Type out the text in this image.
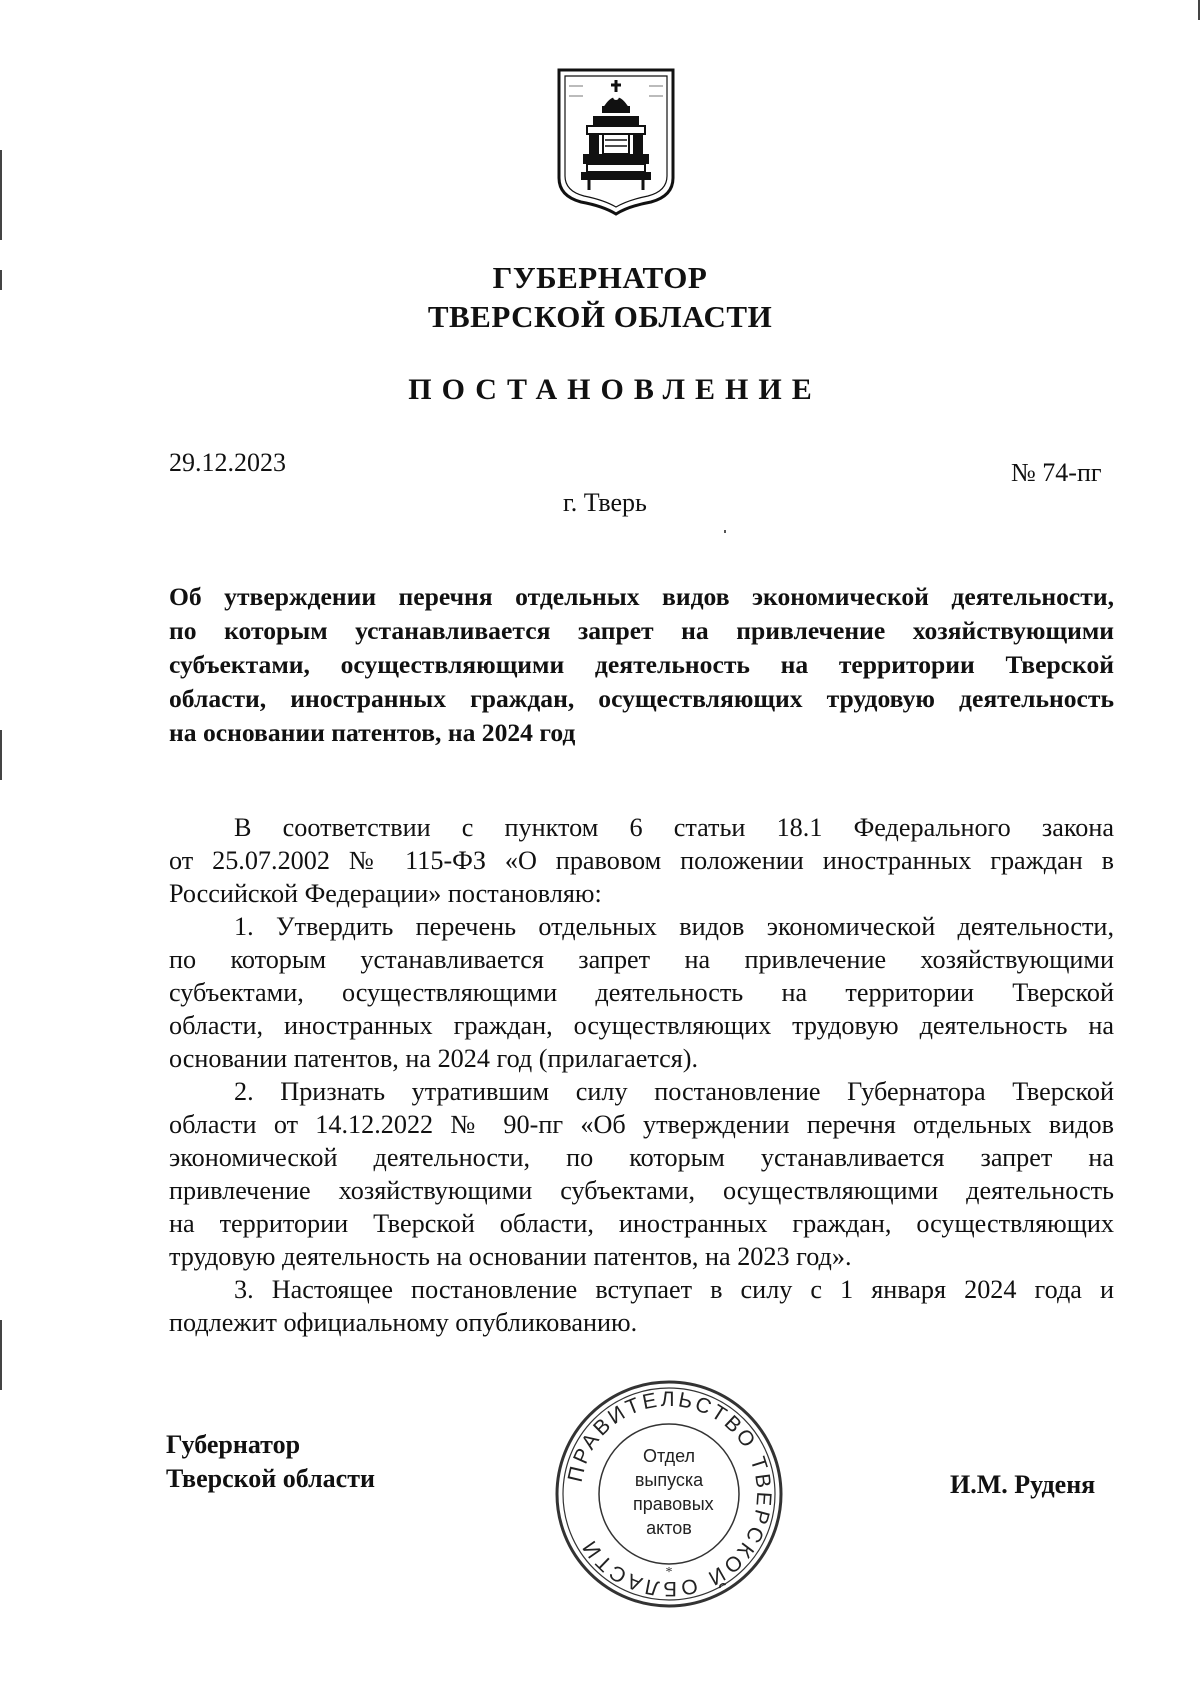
ГУБЕРНАТОР
ТВЕРСКОЙ ОБЛАСТИ
ПОСТАНОВЛЕНИЕ
29.12.2023	№ 74-пг
г. Тверь
Об утверждении перечня отдельных видов экономической деятельности,
по которым устанавливается запрет на привлечение хозяйствующими
субъектами, осуществляющими деятельность на территории Тверской
области, иностранных граждан, осуществляющих трудовую деятельность
на основании патентов, на 2024 год
В соответствии с пунктом 6 статьи 18.1 Федерального закона
от 25.07.2002 № 115-ФЗ «О правовом положении иностранных граждан в
Российской Федерации» постановляю:
1. Утвердить перечень отдельных видов экономической деятельности,
по которым устанавливается запрет на привлечение хозяйствующими
субъектами, осуществляющими деятельность на территории Тверской
области, иностранных граждан, осуществляющих трудовую деятельность на
основании патентов, на 2024 год (прилагается).
2. Признать утратившим силу постановление Губернатора Тверской
области от 14.12.2022 № 90-пг «Об утверждении перечня отдельных видов
экономической деятельности, по которым устанавливается запрет на
привлечение хозяйствующими субъектами, осуществляющими деятельность
на территории Тверской области, иностранных граждан, осуществляющих
трудовую деятельность на основании патентов, на 2023 год».
3. Настоящее постановление вступает в силу с 1 января 2024 года и
подлежит официальному опубликованию.
Губернатор
Тверской области	И.М. Руденя
ПРАВИТЕЛЬСТВО ТВЕРСКОЙ ОБЛАСТИ
*
Отдел
выпуска
правовых
актов
